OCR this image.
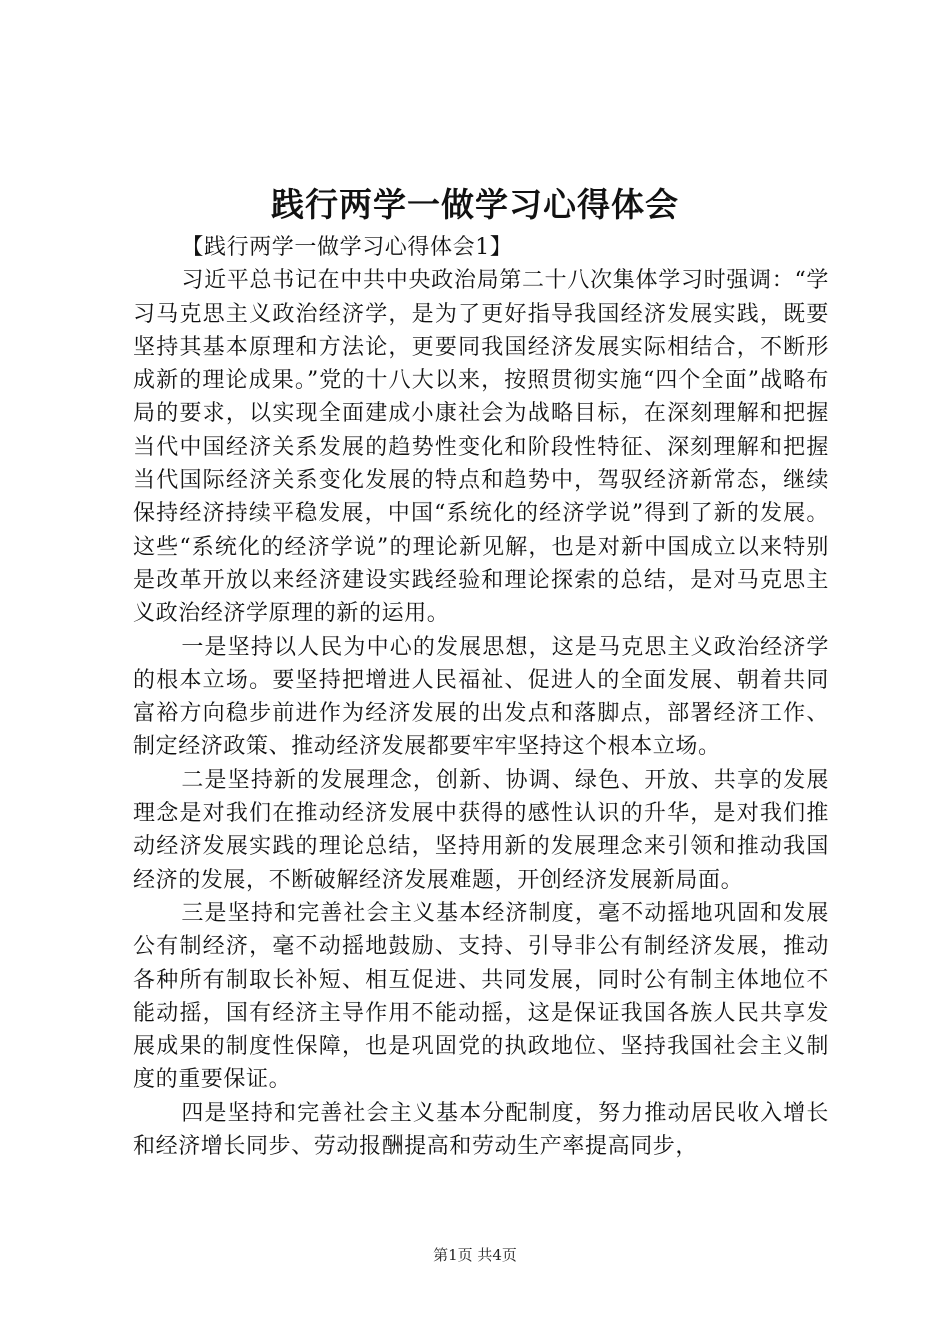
践行两学一做学习心得体会

【践行两学一做学习心得体会1】

习近平总书记在中共中央政治局第二十八次集体学习时强调：“学习马克思主义政治经济学，是为了更好指导我国经济发展实践，既要坚持其基本原理和方法论，更要同我国经济发展实际相结合，不断形成新的理论成果。”党的十八大以来，按照贯彻实施“四个全面”战略布局的要求，以实现全面建成小康社会为战略目标，在深刻理解和把握当代中国经济关系发展的趋势性变化和阶段性特征、深刻理解和把握当代国际经济关系变化发展的特点和趋势中，驾驭经济新常态，继续保持经济持续平稳发展，中国“系统化的经济学说”得到了新的发展。这些“系统化的经济学说”的理论新见解，也是对新中国成立以来特别是改革开放以来经济建设实践经验和理论探索的总结，是对马克思主义政治经济学原理的新的运用。

一是坚持以人民为中心的发展思想，这是马克思主义政治经济学的根本立场。要坚持把增进人民福祉、促进人的全面发展、朝着共同富裕方向稳步前进作为经济发展的出发点和落脚点，部署经济工作、制定经济政策、推动经济发展都要牢牢坚持这个根本立场。

二是坚持新的发展理念，创新、协调、绿色、开放、共享的发展理念是对我们在推动经济发展中获得的感性认识的升华，是对我们推动经济发展实践的理论总结，坚持用新的发展理念来引领和推动我国经济的发展，不断破解经济发展难题，开创经济发展新局面。

三是坚持和完善社会主义基本经济制度，毫不动摇地巩固和发展公有制经济，毫不动摇地鼓励、支持、引导非公有制经济发展，推动各种所有制取长补短、相互促进、共同发展，同时公有制主体地位不能动摇，国有经济主导作用不能动摇，这是保证我国各族人民共享发展成果的制度性保障，也是巩固党的执政地位、坚持我国社会主义制度的重要保证。

四是坚持和完善社会主义基本分配制度，努力推动居民收入增长和经济增长同步、劳动报酬提高和劳动生产率提高同步，

第1页 共4页
